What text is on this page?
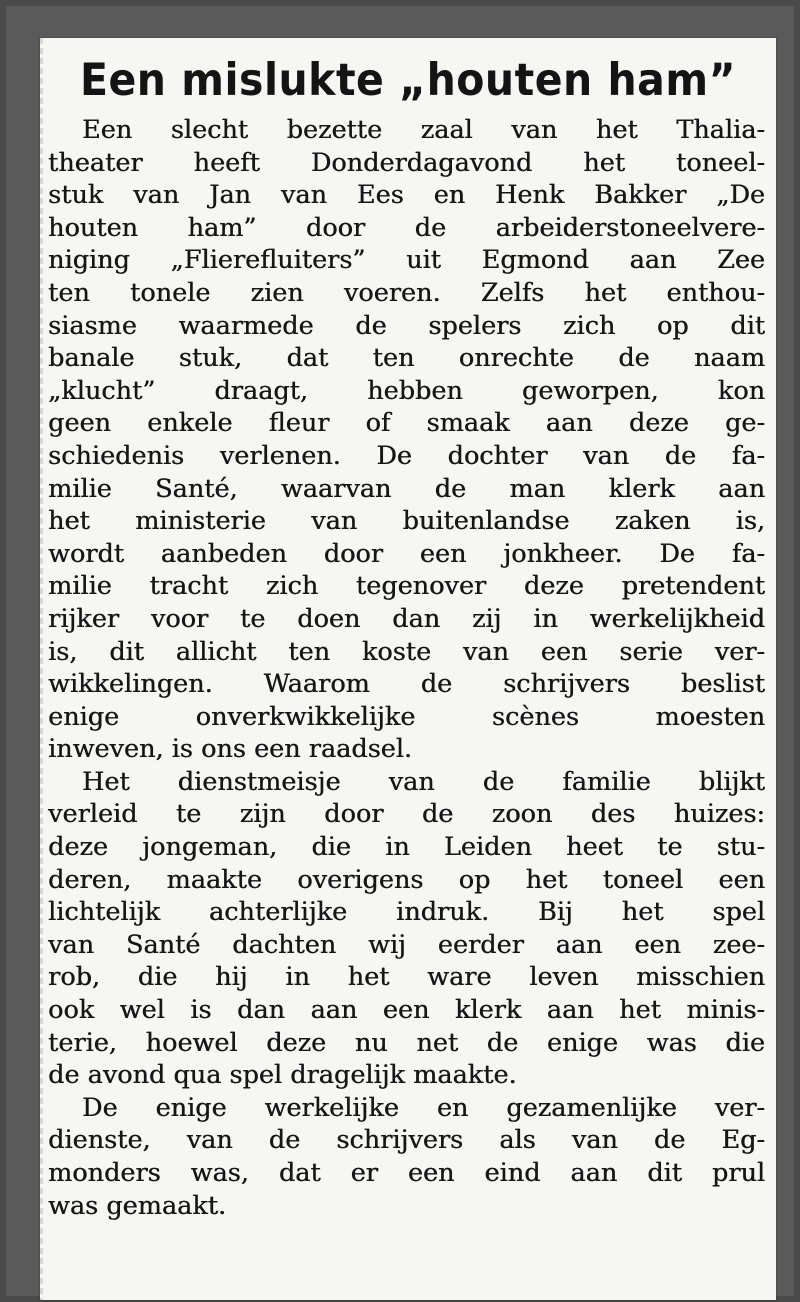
Een mislukte „houten ham”
Een slecht bezette zaal van het Thalia-
theater heeft Donderdagavond het toneel-
stuk van Jan van Ees en Henk Bakker „De
houten ham” door de arbeiderstoneelvere-
niging „Flierefluiters” uit Egmond aan Zee
ten tonele zien voeren. Zelfs het enthou-
siasme waarmede de spelers zich op dit
banale stuk, dat ten onrechte de naam
„klucht” draagt, hebben geworpen, kon
geen enkele fleur of smaak aan deze ge-
schiedenis verlenen. De dochter van de fa-
milie Santé, waarvan de man klerk aan
het ministerie van buitenlandse zaken is,
wordt aanbeden door een jonkheer. De fa-
milie tracht zich tegenover deze pretendent
rijker voor te doen dan zij in werkelijkheid
is, dit allicht ten koste van een serie ver-
wikkelingen. Waarom de schrijvers beslist
enige onverkwikkelijke scènes moesten
inweven, is ons een raadsel.
Het dienstmeisje van de familie blijkt
verleid te zijn door de zoon des huizes:
deze jongeman, die in Leiden heet te stu-
deren, maakte overigens op het toneel een
lichtelijk achterlijke indruk. Bij het spel
van Santé dachten wij eerder aan een zee-
rob, die hij in het ware leven misschien
ook wel is dan aan een klerk aan het minis-
terie, hoewel deze nu net de enige was die
de avond qua spel dragelijk maakte.
De enige werkelijke en gezamenlijke ver-
dienste, van de schrijvers als van de Eg-
monders was, dat er een eind aan dit prul
was gemaakt.
